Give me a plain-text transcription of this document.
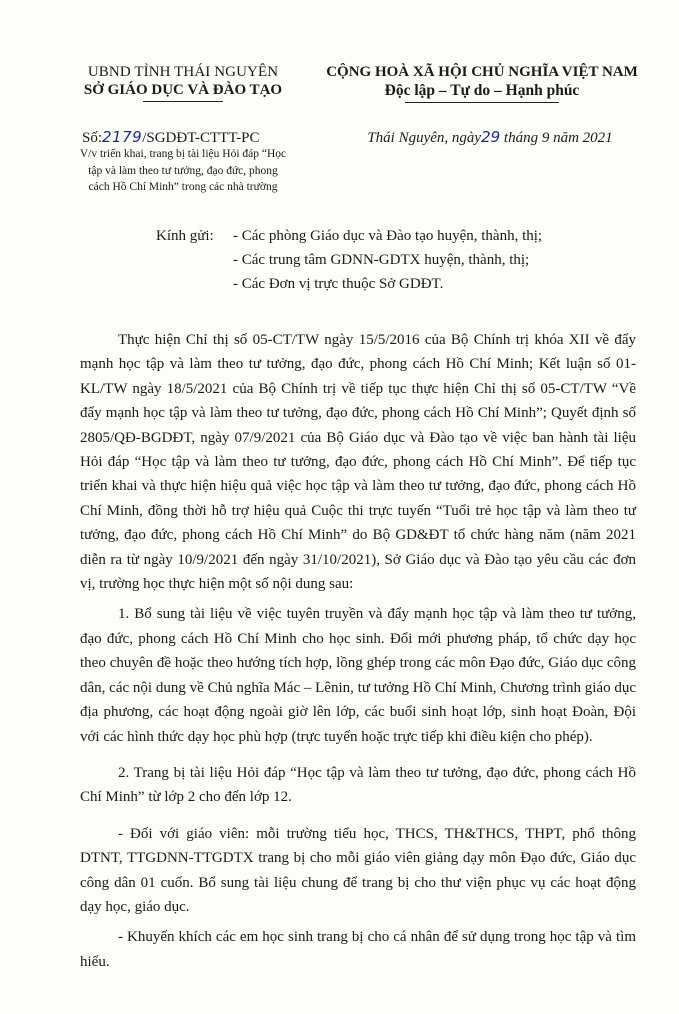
UBND TỈNH THÁI NGUYÊN
SỞ GIÁO DỤC VÀ ĐÀO TẠO
CỘNG HOÀ XÃ HỘI CHỦ NGHĨA VIỆT NAM
Độc lập – Tự do – Hạnh phúc
Số:2179/SGDĐT-CTTT-PC
V/v triển khai, trang bị tài liệu Hỏi đáp “Học
tập và làm theo tư tưởng, đạo đức, phong
cách Hồ Chí Minh” trong các nhà trường
Thái Nguyên, ngày29 tháng 9 năm 2021
Kính gửi:	- Các phòng Giáo dục và Đào tạo huyện, thành, thị;
- Các trung tâm GDNN-GDTX huyện, thành, thị;
- Các Đơn vị trực thuộc Sở GDĐT.

Thực hiện Chỉ thị số 05-CT/TW ngày 15/5/2016 của Bộ Chính trị khóa XII về đẩy mạnh học tập và làm theo tư tưởng, đạo đức, phong cách Hồ Chí Minh; Kết luận số 01-KL/TW ngày 18/5/2021 của Bộ Chính trị về tiếp tục thực hiện Chỉ thị số 05-CT/TW “Về đẩy mạnh học tập và làm theo tư tưởng, đạo đức, phong cách Hồ Chí Minh”; Quyết định số 2805/QĐ-BGDĐT, ngày 07/9/2021 của Bộ Giáo dục và Đào tạo về việc ban hành tài liệu Hỏi đáp “Học tập và làm theo tư tưởng, đạo đức, phong cách Hồ Chí Minh”. Để tiếp tục triển khai và thực hiện hiệu quả việc học tập và làm theo tư tưởng, đạo đức, phong cách Hồ Chí Minh, đồng thời hỗ trợ hiệu quả Cuộc thi trực tuyến “Tuổi trẻ học tập và làm theo tư tưởng, đạo đức, phong cách Hồ Chí Minh” do Bộ GD&ĐT tổ chức hàng năm (năm 2021 diễn ra từ ngày 10/9/2021 đến ngày 31/10/2021), Sở Giáo dục và Đào tạo yêu cầu các đơn vị, trường học thực hiện một số nội dung sau:

1. Bổ sung tài liệu về việc tuyên truyền và đẩy mạnh học tập và làm theo tư tưởng, đạo đức, phong cách Hồ Chí Minh cho học sinh. Đổi mới phương pháp, tổ chức dạy học theo chuyên đề hoặc theo hướng tích hợp, lồng ghép trong các môn Đạo đức, Giáo dục công dân, các nội dung về Chủ nghĩa Mác – Lênin, tư tưởng Hồ Chí Minh, Chương trình giáo dục địa phương, các hoạt động ngoài giờ lên lớp, các buổi sinh hoạt lớp, sinh hoạt Đoàn, Đội với các hình thức dạy học phù hợp (trực tuyến hoặc trực tiếp khi điều kiện cho phép).

2. Trang bị tài liệu Hỏi đáp “Học tập và làm theo tư tưởng, đạo đức, phong cách Hồ Chí Minh” từ lớp 2 cho đến lớp 12.

- Đối với giáo viên: mỗi trường tiểu học, THCS, TH&THCS, THPT, phổ thông DTNT, TTGDNN-TTGDTX trang bị cho mỗi giáo viên giảng dạy môn Đạo đức, Giáo dục công dân 01 cuốn. Bổ sung tài liệu chung để trang bị cho thư viện phục vụ các hoạt động dạy học, giáo dục.

- Khuyến khích các em học sinh trang bị cho cá nhân để sử dụng trong học tập và tìm hiểu.
